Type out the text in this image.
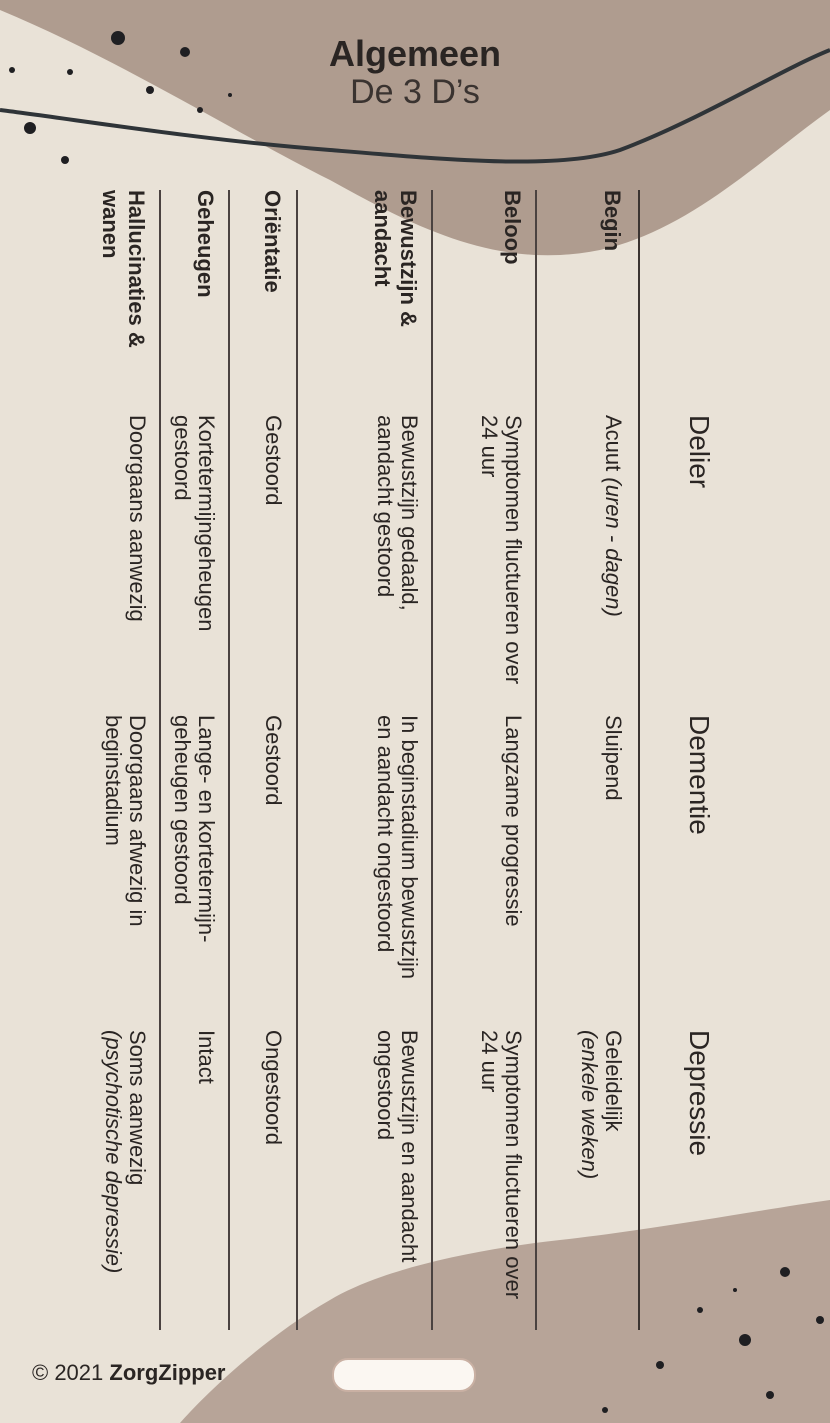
Algemeen
De 3 D’s
Delier
Dementie
Depressie
Begin
Acuut (uren - dagen)
Sluipend
Geleidelijk
(enkele weken)
Beloop
Symptomen fluctueren over 24 uur
Langzame progressie
Symptomen fluctueren over 24 uur
Bewustzijn & aandacht
Bewustzijn gedaald, aandacht gestoord
In beginstadium bewustzijn en aandacht ongestoord
Bewustzijn en aandacht ongestoord
Oriëntatie
Gestoord
Gestoord
Ongestoord
Geheugen
Kortetermijngeheugen gestoord
Lange- en kortetermijn- geheugen gestoord
Intact
Hallucinaties & wanen
Doorgaans aanwezig
Doorgaans afwezig in beginstadium
Soms aanwezig
(psychotische depressie)
© 2021 ZorgZipper
